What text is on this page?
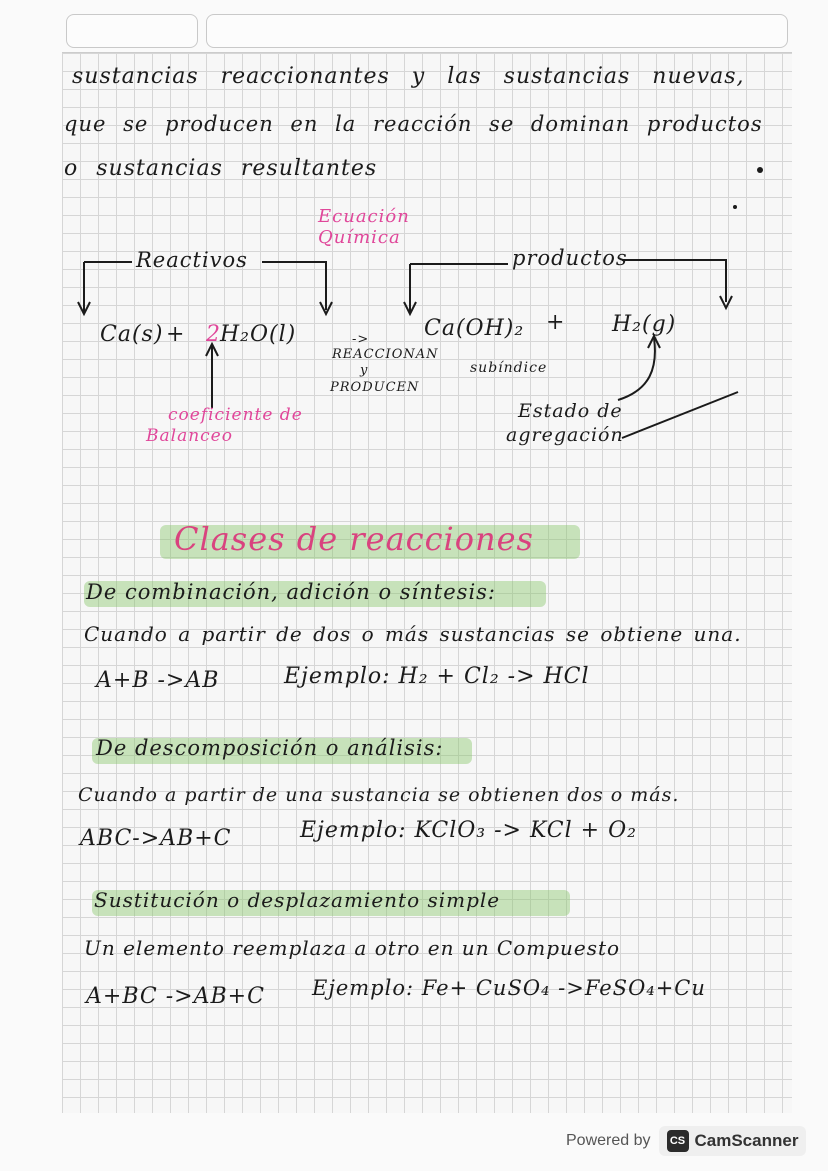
sustancias reaccionantes y las sustancias nuevas,
que se producen en la reacción se dominan productos
o sustancias resultantes
Ecuación
Química
Reactivos	productos
Ca(s) + 2 H₂O(l)	->
REACCIONAN
y
PRODUCEN
Ca(OH)₂ + H₂(g)
subíndice
coeficiente de
Balanceo
Estado de
agregación
Clases de reacciones
De combinación, adición o síntesis:
Cuando a partir de dos o más sustancias se obtiene una.
A+B ->AB	Ejemplo: H₂ + Cl₂ -> HCl
De descomposición o análisis:
Cuando a partir de una sustancia se obtienen dos o más.
ABC->AB+C	Ejemplo: KClO₃ -> KCl + O₂
Sustitución o desplazamiento simple
Un elemento reemplaza a otro en un Compuesto
A+BC ->AB+C Ejemplo: Fe+ CuSO₄ ->FeSO₄+Cu
Powered by	CS CamScanner
